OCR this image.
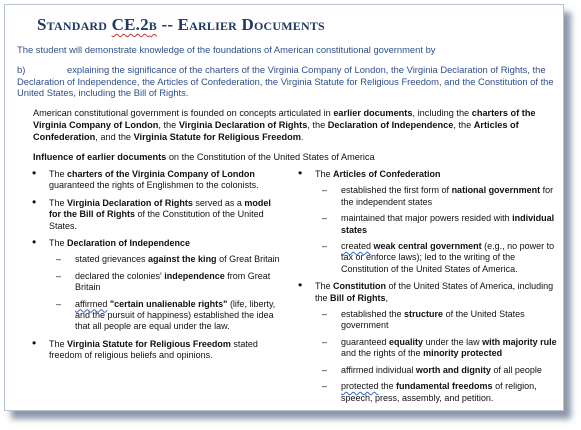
Standard CE.2b -- Earlier Documents
The student will demonstrate knowledge of the foundations of American constitutional government by
b)	explaining the significance of the charters of the Virginia Company of London, the Virginia Declaration of Rights, the Declaration of Independence, the Articles of Confederation, the Virginia Statute for Religious Freedom, and the Constitution of the United States, including the Bill of Rights.
American constitutional government is founded on concepts articulated in earlier documents, including the charters of the Virginia Company of London, the Virginia Declaration of Rights, the Declaration of Independence, the Articles of Confederation, and the Virginia Statute for Religious Freedom.
Influence of earlier documents on the Constitution of the United States of America
• The charters of the Virginia Company of London guaranteed the rights of Englishmen to the colonists.
• The Virginia Declaration of Rights served as a model for the Bill of Rights of the Constitution of the United States.
• The Declaration of Independence
– stated grievances against the king of Great Britain
– declared the colonies' independence from Great Britain
– affirmed "certain unalienable rights" (life, liberty, and the pursuit of happiness) established the idea that all people are equal under the law.
• The Virginia Statute for Religious Freedom stated freedom of religious beliefs and opinions.
• The Articles of Confederation
– established the first form of national government for the independent states
– maintained that major powers resided with individual states
– created weak central government (e.g., no power to tax or enforce laws); led to the writing of the Constitution of the United States of America.
• The Constitution of the United States of America, including the Bill of Rights,
– established the structure of the United States government
– guaranteed equality under the law with majority rule and the rights of the minority protected
– affirmed individual worth and dignity of all people
– protected the fundamental freedoms of religion, speech, press, assembly, and petition.
